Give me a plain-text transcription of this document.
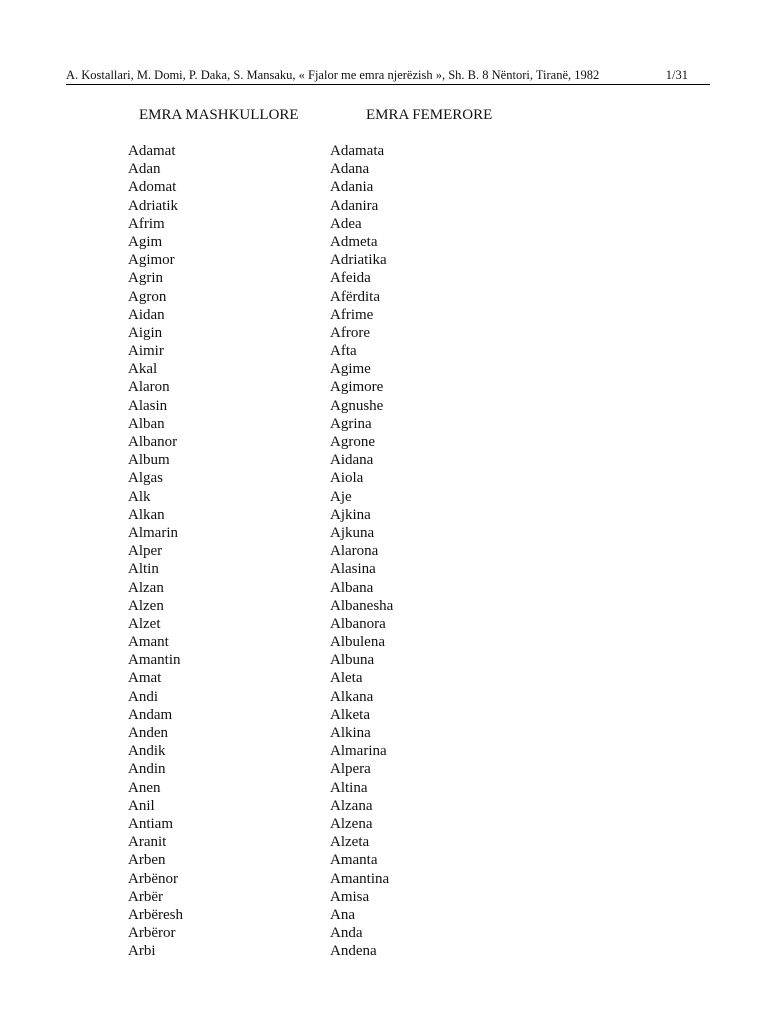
A. Kostallari, M. Domi, P. Daka, S. Mansaku, « Fjalor me emra njerëzish », Sh. B. 8 Nëntori, Tiranë, 1982	1/31
EMRA MASHKULLORE	EMRA FEMERORE
Adamat
Adan
Adomat
Adriatik
Afrim
Agim
Agimor
Agrin
Agron
Aidan
Aigin
Aimir
Akal
Alaron
Alasin
Alban
Albanor
Album
Algas
Alk
Alkan
Almarin
Alper
Altin
Alzan
Alzen
Alzet
Amant
Amantin
Amat
Andi
Andam
Anden
Andik
Andin
Anen
Anil
Antiam
Aranit
Arben
Arbënor
Arbër
Arbëresh
Arbëror
Arbi
Adamata
Adana
Adania
Adanira
Adea
Admeta
Adriatika
Afeida
Afërdita
Afrime
Afrore
Afta
Agime
Agimore
Agnushe
Agrina
Agrone
Aidana
Aiola
Aje
Ajkina
Ajkuna
Alarona
Alasina
Albana
Albanesha
Albanora
Albulena
Albuna
Aleta
Alkana
Alketa
Alkina
Almarina
Alpera
Altina
Alzana
Alzena
Alzeta
Amanta
Amantina
Amisa
Ana
Anda
Andena
